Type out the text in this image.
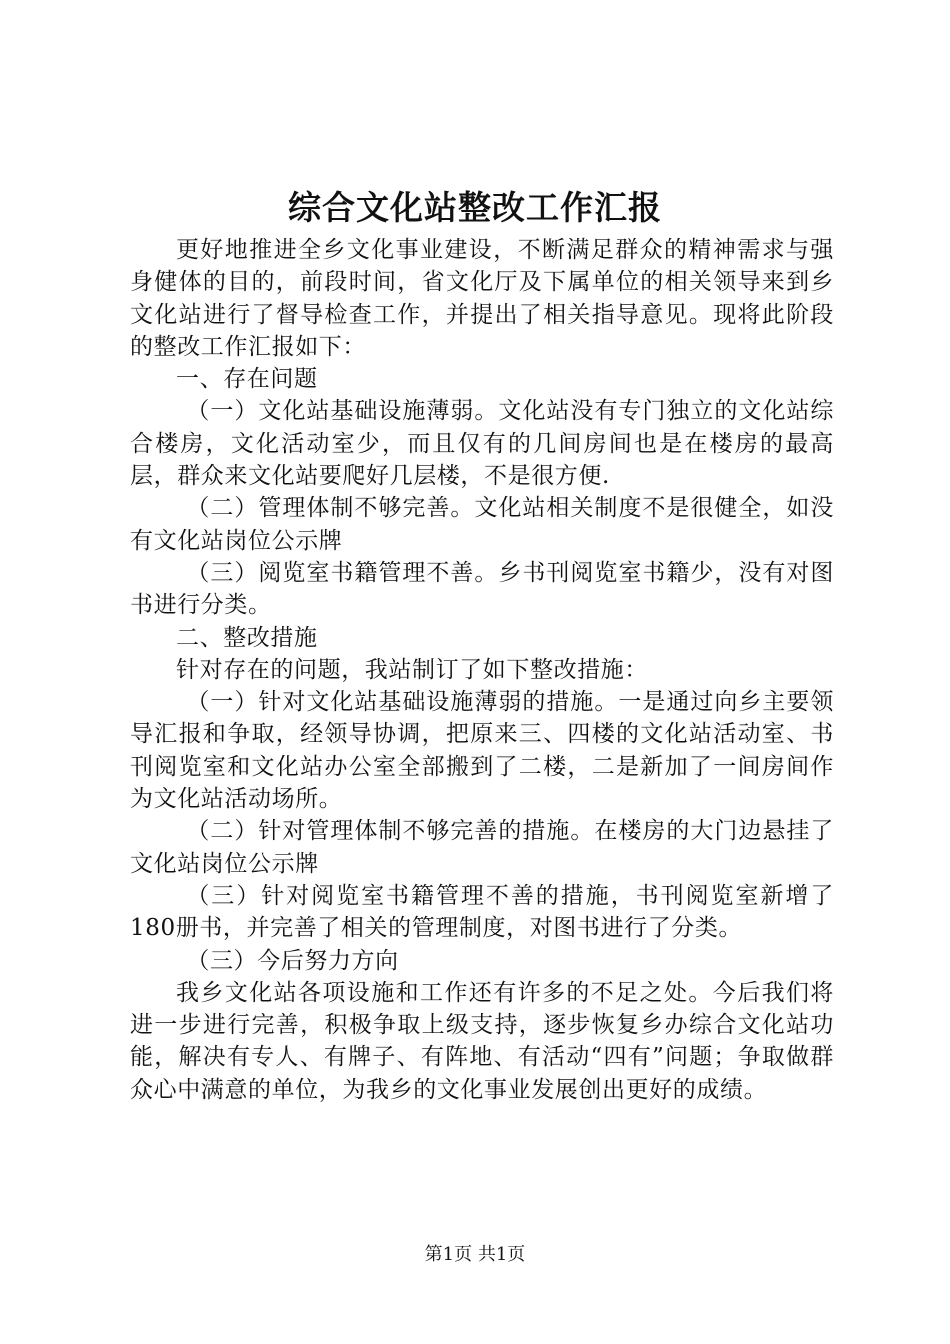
综合文化站整改工作汇报

更好地推进全乡文化事业建设，不断满足群众的精神需求与强身健体的目的，前段时间，省文化厅及下属单位的相关领导来到乡文化站进行了督导检查工作，并提出了相关指导意见。现将此阶段的整改工作汇报如下：

一、存在问题

（一）文化站基础设施薄弱。文化站没有专门独立的文化站综合楼房，文化活动室少，而且仅有的几间房间也是在楼房的最高层，群众来文化站要爬好几层楼，不是很方便.

（二）管理体制不够完善。文化站相关制度不是很健全，如没有文化站岗位公示牌

（三）阅览室书籍管理不善。乡书刊阅览室书籍少，没有对图书进行分类。

二、整改措施

针对存在的问题，我站制订了如下整改措施：

（一）针对文化站基础设施薄弱的措施。一是通过向乡主要领导汇报和争取，经领导协调，把原来三、四楼的文化站活动室、书刊阅览室和文化站办公室全部搬到了二楼，二是新加了一间房间作为文化站活动场所。

（二）针对管理体制不够完善的措施。在楼房的大门边悬挂了文化站岗位公示牌

（三）针对阅览室书籍管理不善的措施，书刊阅览室新增了180册书，并完善了相关的管理制度，对图书进行了分类。

（三）今后努力方向

我乡文化站各项设施和工作还有许多的不足之处。今后我们将进一步进行完善，积极争取上级支持，逐步恢复乡办综合文化站功能，解决有专人、有牌子、有阵地、有活动“四有”问题；争取做群众心中满意的单位，为我乡的文化事业发展创出更好的成绩。

第1页 共1页
